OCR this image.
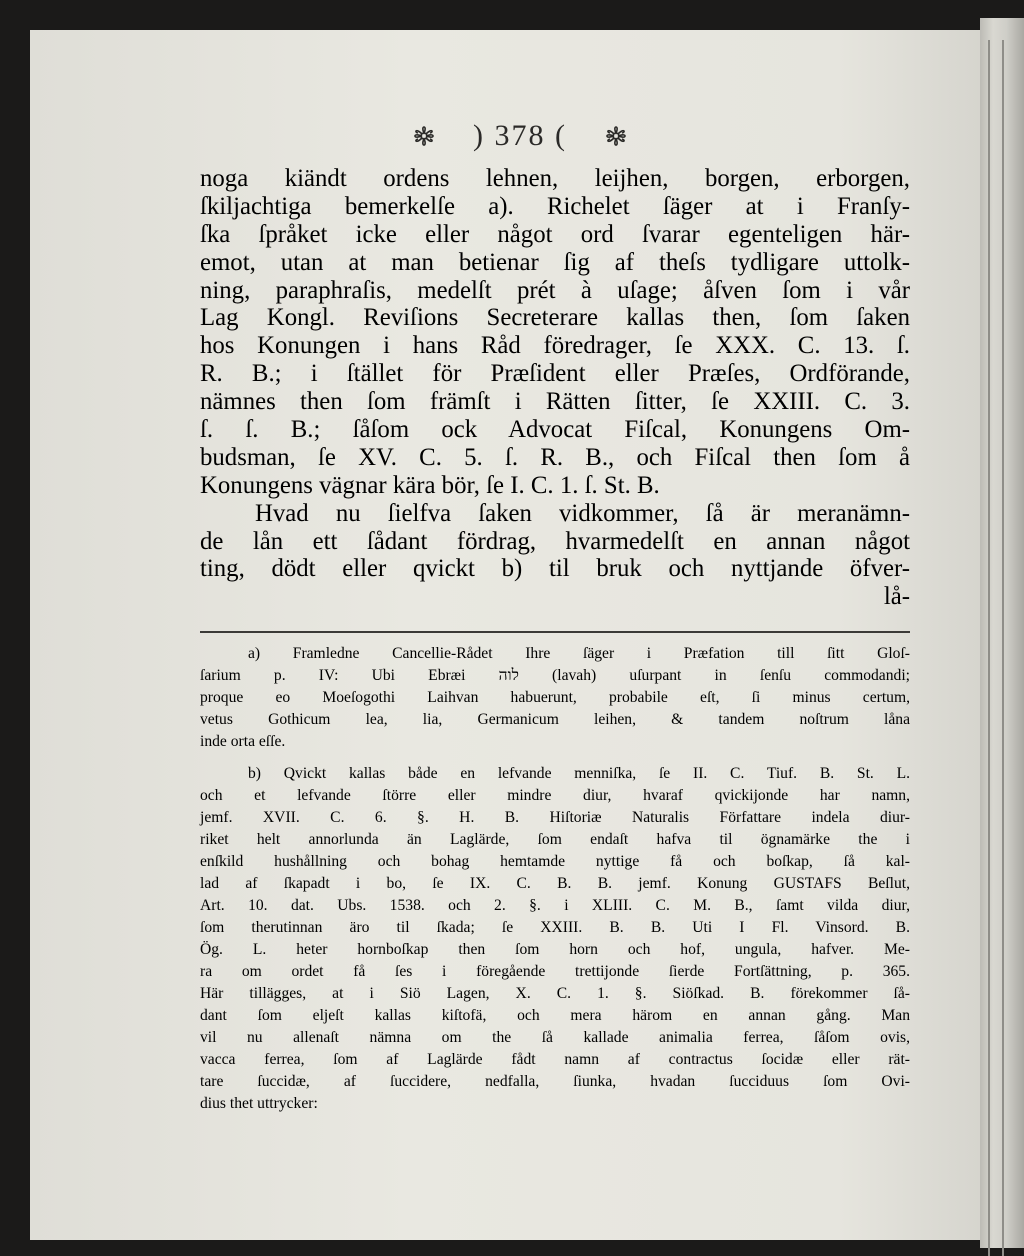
) 378 (
noga kiändt ordens lehnen, leijhen, borgen, erborgen,
ſkiljachtiga bemerkelſe a). Richelet ſäger at i Franſy-
ſka ſpråket icke eller något ord ſvarar egenteligen här-
emot, utan at man betienar ſig af theſs tydligare uttolk-
ning, paraphraſis, medelſt prét à uſage; åſven ſom i vår
Lag Kongl. Reviſions Secreterare kallas then, ſom ſaken
hos Konungen i hans Råd föredrager, ſe XXX. C. 13. ſ.
R. B.; i ſtället för Præſident eller Præſes, Ordförande,
nämnes then ſom främſt i Rätten ſitter, ſe XXIII. C. 3.
ſ. ſ. B.; ſåſom ock Advocat Fiſcal, Konungens Om-
budsman, ſe XV. C. 5. ſ. R. B., och Fiſcal then ſom å
Konungens vägnar kära bör, ſe I. C. 1. ſ. St. B.
Hvad nu ſielfva ſaken vidkommer, ſå är meranämn-
de lån ett ſådant fördrag, hvarmedelſt en annan något
ting, dödt eller qvickt b) til bruk och nyttjande öfver-
lå-
a) Framledne Cancellie-Rådet Ihre ſäger i Præfation till ſitt Gloſ-
ſarium p. IV: Ubi Ebræi לוה (lavah) uſurpant in ſenſu commodandi;
proque eo Moeſogothi Laihvan habuerunt, probabile eſt, ſi minus certum,
vetus Gothicum lea, lia, Germanicum leihen, & tandem noſtrum låna
inde orta eſſe.
b) Qvickt kallas både en lefvande menniſka, ſe II. C. Tiuf. B. St. L.
och et lefvande ſtörre eller mindre diur, hvaraf qvickijonde har namn,
jemf. XVII. C. 6. §. H. B. Hiſtoriæ Naturalis Författare indela diur-
riket helt annorlunda än Laglärde, ſom endaſt hafva til ögnamärke the i
enſkild hushållning och bohag hemtamde nyttige få och boſkap, ſå kal-
lad af ſkapadt i bo, ſe IX. C. B. B. jemf. Konung GUSTAFS Beſlut,
Art. 10. dat. Ubs. 1538. och 2. §. i XLIII. C. M. B., ſamt vilda diur,
ſom therutinnan äro til ſkada; ſe XXIII. B. B. Uti I Fl. Vinsord. B.
Ög. L. heter hornboſkap then ſom horn och hof, ungula, hafver. Me-
ra om ordet få ſes i föregående trettijonde ſierde Fortſättning, p. 365.
Här tillägges, at i Siö Lagen, X. C. 1. §. Siöſkad. B. förekommer ſå-
dant ſom eljeſt kallas kiſtofä, och mera härom en annan gång. Man
vil nu allenaſt nämna om the ſå kallade animalia ferrea, ſåſom ovis,
vacca ferrea, ſom af Laglärde fådt namn af contractus ſocidæ eller rät-
tare ſuccidæ, af ſuccidere, nedfalla, ſiunka, hvadan ſucciduus ſom Ovi-
dius thet uttrycker:
